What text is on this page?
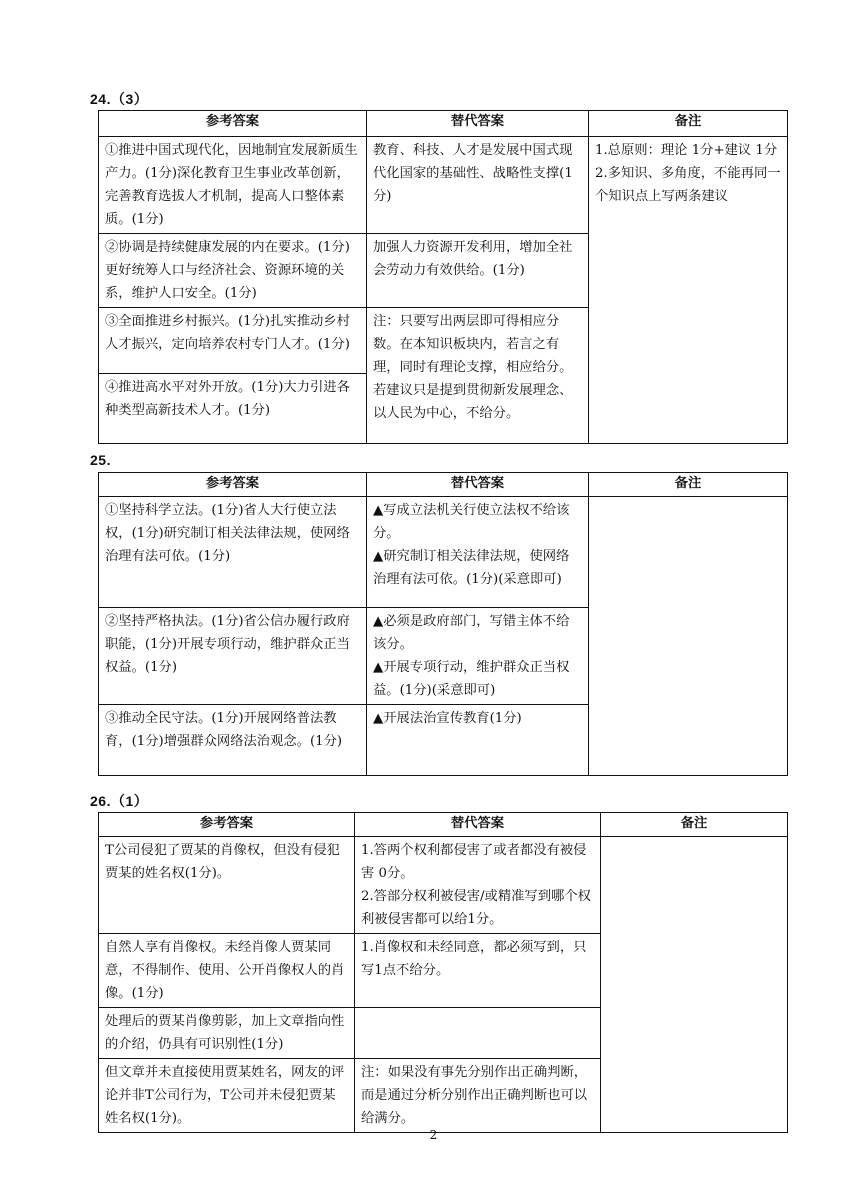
24.（3）
参考答案	替代答案	备注
①推进中国式现代化，因地制宜发展新质生产力。(1分)深化教育卫生事业改革创新，完善教育选拔人才机制，提高人口整体素质。(1分)	教育、科技、人才是发展中国式现代化国家的基础性、战略性支撑(1分)	1.总原则：理论 1分+建议 1分
2.多知识、多角度，不能再同一个知识点上写两条建议
②协调是持续健康发展的内在要求。(1分)更好统筹人口与经济社会、资源环境的关系，维护人口安全。(1分)	加强人力资源开发利用，增加全社会劳动力有效供给。(1分)	
③全面推进乡村振兴。(1分)扎实推动乡村人才振兴，定向培养农村专门人才。(1分)	注：只要写出两层即可得相应分数。在本知识板块内，若言之有理，同时有理论支撑，相应给分。若建议只是提到贯彻新发展理念、以人民为中心，不给分。	
④推进高水平对外开放。(1分)大力引进各种类型高新技术人才。(1分)		
25.
参考答案	替代答案	备注
①坚持科学立法。(1分)省人大行使立法权，(1分)研究制订相关法律法规，使网络治理有法可依。(1分)	▲写成立法机关行使立法权不给该分。
▲研究制订相关法律法规，使网络治理有法可依。(1分)(采意即可)	
②坚持严格执法。(1分)省公信办履行政府职能，(1分)开展专项行动，维护群众正当权益。(1分)	▲必须是政府部门，写错主体不给该分。
▲开展专项行动，维护群众正当权益。(1分)(采意即可)	
③推动全民守法。(1分)开展网络普法教育，(1分)增强群众网络法治观念。(1分)	▲开展法治宣传教育(1分)	
26.（1）
参考答案	替代答案	备注
T公司侵犯了贾某的肖像权，但没有侵犯贾某的姓名权(1分)。	1.答两个权利都侵害了或者都没有被侵害 0分。
2.答部分权利被侵害/或精准写到哪个权利被侵害都可以给1分。	
自然人享有肖像权。未经肖像人贾某同意，不得制作、使用、公开肖像权人的肖像。(1分)	1.肖像权和未经同意，都必须写到，只写1点不给分。	
处理后的贾某肖像剪影，加上文章指向性的介绍，仍具有可识别性(1分)		
但文章并未直接使用贾某姓名，网友的评论并非T公司行为，T公司并未侵犯贾某姓名权(1分)。	注：如果没有事先分别作出正确判断，而是通过分析分别作出正确判断也可以给满分。	
2
